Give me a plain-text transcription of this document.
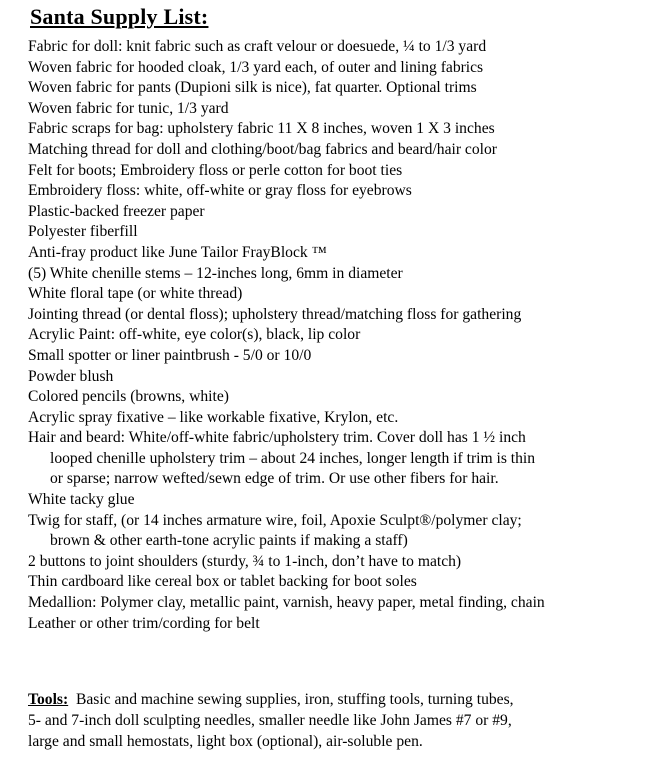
Santa Supply List:
Fabric for doll: knit fabric such as craft velour or doesuede, ¼ to 1/3 yard
Woven fabric for hooded cloak, 1/3 yard each, of outer and lining fabrics
Woven fabric for pants (Dupioni silk is nice), fat quarter. Optional trims
Woven fabric for tunic, 1/3 yard
Fabric scraps for bag: upholstery fabric 11 X 8 inches, woven 1 X 3 inches
Matching thread for doll and clothing/boot/bag fabrics and beard/hair color
Felt for boots; Embroidery floss or perle cotton for boot ties
Embroidery floss: white, off-white or gray floss for eyebrows
Plastic-backed freezer paper
Polyester fiberfill
Anti-fray product like June Tailor FrayBlock ™
(5) White chenille stems – 12-inches long, 6mm in diameter
White floral tape (or white thread)
Jointing thread (or dental floss); upholstery thread/matching floss for gathering
Acrylic Paint: off-white, eye color(s), black, lip color
Small spotter or liner paintbrush - 5/0 or 10/0
Powder blush
Colored pencils (browns, white)
Acrylic spray fixative – like workable fixative, Krylon, etc.
Hair and beard: White/off-white fabric/upholstery trim. Cover doll has 1 ½ inch
looped chenille upholstery trim – about 24 inches, longer length if trim is thin
or sparse; narrow wefted/sewn edge of trim. Or use other fibers for hair.
White tacky glue
Twig for staff, (or 14 inches armature wire, foil, Apoxie Sculpt®/polymer clay;
brown & other earth-tone acrylic paints if making a staff)
2 buttons to joint shoulders (sturdy, ¾ to 1-inch, don’t have to match)
Thin cardboard like cereal box or tablet backing for boot soles
Medallion: Polymer clay, metallic paint, varnish, heavy paper, metal finding, chain
Leather or other trim/cording for belt
Tools:  Basic and machine sewing supplies, iron, stuffing tools, turning tubes,
5- and 7-inch doll sculpting needles, smaller needle like John James #7 or #9,
large and small hemostats, light box (optional), air-soluble pen.
